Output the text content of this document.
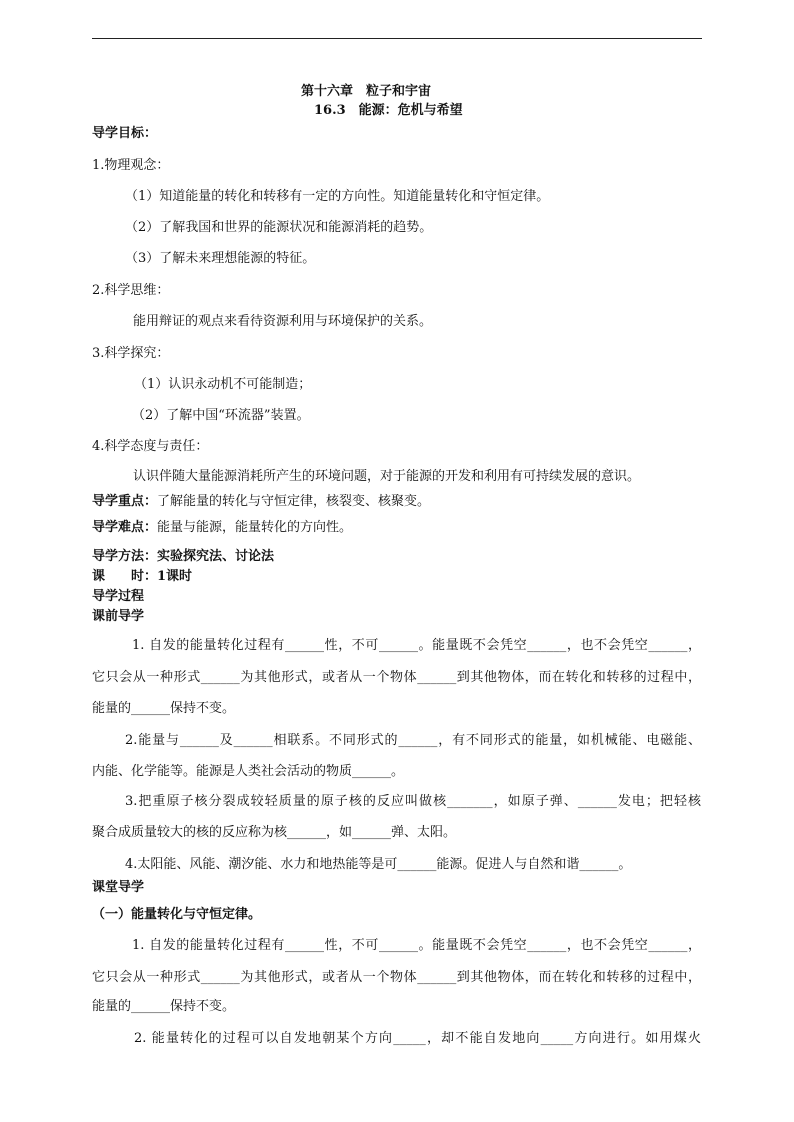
第十六章　粒子和宇宙
16.3　能源：危机与希望
导学目标：
1.物理观念：
（1）知道能量的转化和转移有一定的方向性。知道能量转化和守恒定律。
（2）了解我国和世界的能源状况和能源消耗的趋势。
（3）了解未来理想能源的特征。
2.科学思维：
能用辩证的观点来看待资源利用与环境保护的关系。
3.科学探究：
（1）认识永动机不可能制造；
（2）了解中国“环流器”装置。
4.科学态度与责任：
认识伴随大量能源消耗所产生的环境问题，对于能源的开发和利用有可持续发展的意识。
导学重点：了解能量的转化与守恒定律，核裂变、核聚变。
导学难点：能量与能源，能量转化的方向性。
导学方法：实验探究法、讨论法
课　　时：1课时
导学过程
课前导学
1. 自发的能量转化过程有______性，不可______。能量既不会凭空______，也不会凭空______，
它只会从一种形式______为其他形式，或者从一个物体______到其他物体，而在转化和转移的过程中，
能量的______保持不变。
2.能量与______及______相联系。不同形式的______，有不同形式的能量，如机械能、电磁能、
内能、化学能等。能源是人类社会活动的物质______。
3.把重原子核分裂成较轻质量的原子核的反应叫做核_______，如原子弹、______发电；把轻核
聚合成质量较大的核的反应称为核______，如______弹、太阳。
4.太阳能、风能、潮汐能、水力和地热能等是可______能源。促进人与自然和谐______。
课堂导学
（一）能量转化与守恒定律。
1. 自发的能量转化过程有______性，不可______。能量既不会凭空______，也不会凭空______，
它只会从一种形式______为其他形式，或者从一个物体______到其他物体，而在转化和转移的过程中，
能量的______保持不变。
2. 能量转化的过程可以自发地朝某个方向_____，却不能自发地向_____方向进行。如用煤火
